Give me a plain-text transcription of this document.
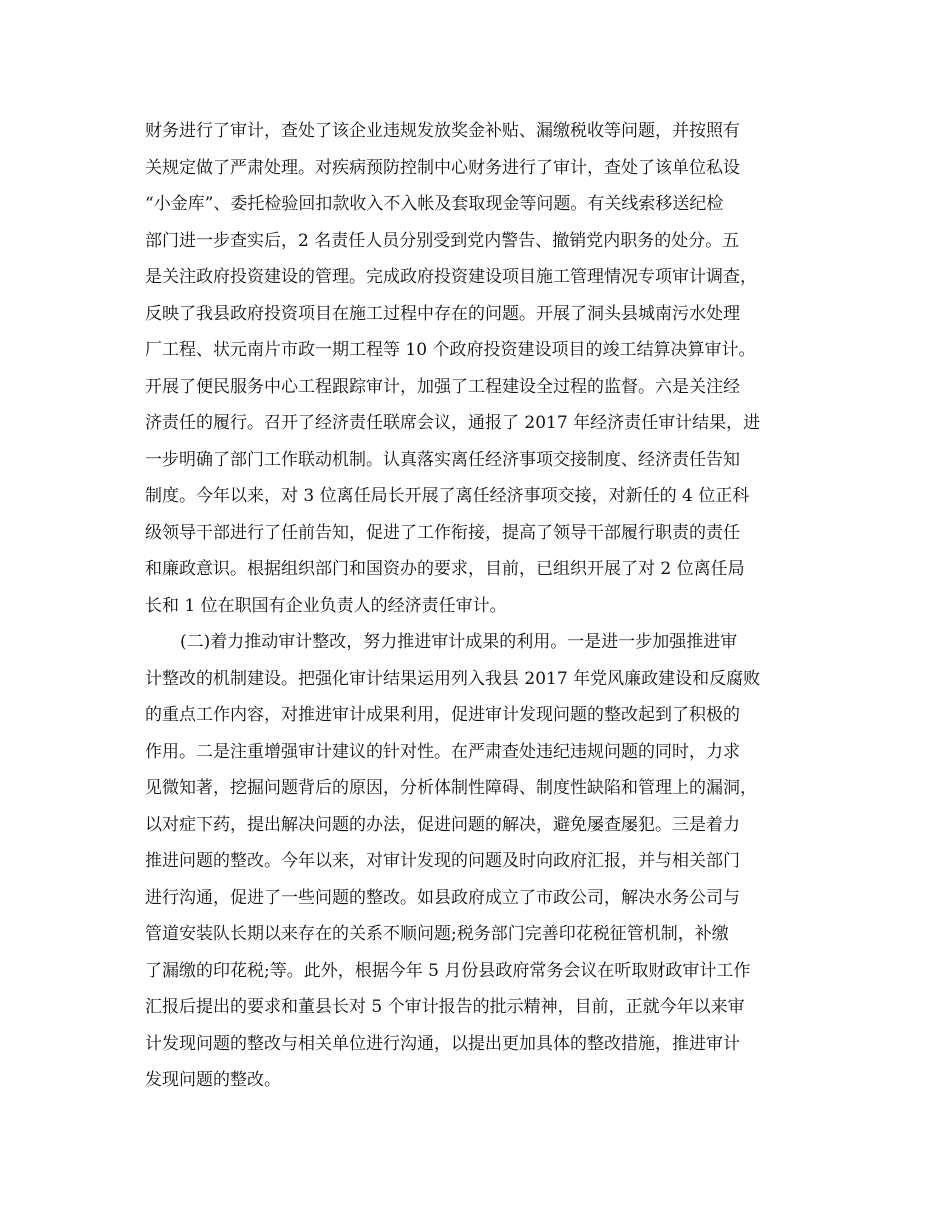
财务进行了审计，查处了该企业违规发放奖金补贴、漏缴税收等问题，并按照有
关规定做了严肃处理。对疾病预防控制中心财务进行了审计，查处了该单位私设
“小金库”、委托检验回扣款收入不入帐及套取现金等问题。有关线索移送纪检
部门进一步查实后，2 名责任人员分别受到党内警告、撤销党内职务的处分。五
是关注政府投资建设的管理。完成政府投资建设项目施工管理情况专项审计调查，
反映了我县政府投资项目在施工过程中存在的问题。开展了洞头县城南污水处理
厂工程、状元南片市政一期工程等 10 个政府投资建设项目的竣工结算决算审计。
开展了便民服务中心工程跟踪审计，加强了工程建设全过程的监督。六是关注经
济责任的履行。召开了经济责任联席会议，通报了 2017 年经济责任审计结果，进
一步明确了部门工作联动机制。认真落实离任经济事项交接制度、经济责任告知
制度。今年以来，对 3 位离任局长开展了离任经济事项交接，对新任的 4 位正科
级领导干部进行了任前告知，促进了工作衔接，提高了领导干部履行职责的责任
和廉政意识。根据组织部门和国资办的要求，目前，已组织开展了对 2 位离任局
长和 1 位在职国有企业负责人的经济责任审计。
(二)着力推动审计整改，努力推进审计成果的利用。一是进一步加强推进审
计整改的机制建设。把强化审计结果运用列入我县 2017 年党风廉政建设和反腐败
的重点工作内容，对推进审计成果利用，促进审计发现问题的整改起到了积极的
作用。二是注重增强审计建议的针对性。在严肃查处违纪违规问题的同时，力求
见微知著，挖掘问题背后的原因，分析体制性障碍、制度性缺陷和管理上的漏洞，
以对症下药，提出解决问题的办法，促进问题的解决，避免屡查屡犯。三是着力
推进问题的整改。今年以来，对审计发现的问题及时向政府汇报，并与相关部门
进行沟通，促进了一些问题的整改。如县政府成立了市政公司，解决水务公司与
管道安装队长期以来存在的关系不顺问题;税务部门完善印花税征管机制，补缴
了漏缴的印花税;等。此外，根据今年 5 月份县政府常务会议在听取财政审计工作
汇报后提出的要求和董县长对 5 个审计报告的批示精神，目前，正就今年以来审
计发现问题的整改与相关单位进行沟通，以提出更加具体的整改措施，推进审计
发现问题的整改。
